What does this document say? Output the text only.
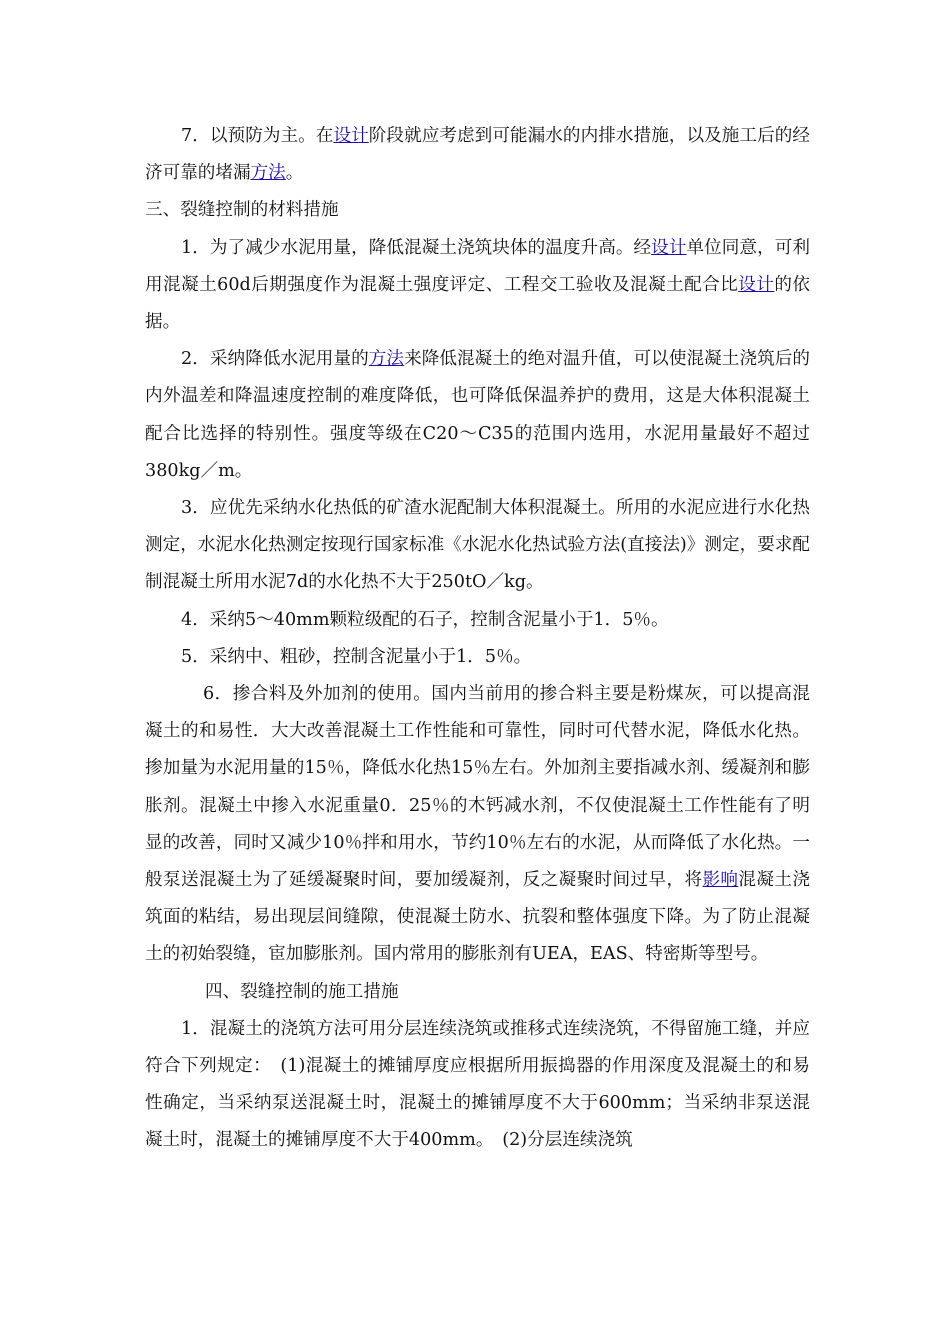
7．以预防为主。在设计阶段就应考虑到可能漏水的内排水措施，以及施工后的经济可靠的堵漏方法。

三、裂缝控制的材料措施

1．为了减少水泥用量，降低混凝土浇筑块体的温度升高。经设计单位同意，可利用混凝土60d后期强度作为混凝土强度评定、工程交工验收及混凝土配合比设计的依据。

2．采纳降低水泥用量的方法来降低混凝土的绝对温升值，可以使混凝土浇筑后的内外温差和降温速度控制的难度降低，也可降低保温养护的费用，这是大体积混凝土配合比选择的特别性。强度等级在C20～C35的范围内选用，水泥用量最好不超过380kg／m。

3．应优先采纳水化热低的矿渣水泥配制大体积混凝土。所用的水泥应进行水化热测定，水泥水化热测定按现行国家标准《水泥水化热试验方法(直接法)》测定，要求配制混凝土所用水泥7d的水化热不大于250tO／kg。

4．采纳5～40mm颗粒级配的石子，控制含泥量小于1．5％。

5．采纳中、粗砂，控制含泥量小于1．5％。

6．掺合料及外加剂的使用。国内当前用的掺合料主要是粉煤灰，可以提高混凝土的和易性．大大改善混凝土工作性能和可靠性，同时可代替水泥，降低水化热。掺加量为水泥用量的15％，降低水化热15％左右。外加剂主要指减水剂、缓凝剂和膨胀剂。混凝土中掺入水泥重量0．25％的木钙减水剂，不仅使混凝土工作性能有了明显的改善，同时又减少10％拌和用水，节约10％左右的水泥，从而降低了水化热。一般泵送混凝土为了延缓凝聚时间，要加缓凝剂，反之凝聚时间过早，将影响混凝土浇筑面的粘结，易出现层间缝隙，使混凝土防水、抗裂和整体强度下降。为了防止混凝土的初始裂缝，宦加膨胀剂。国内常用的膨胀剂有UEA，EAS、特密斯等型号。

四、裂缝控制的施工措施

1．混凝土的浇筑方法可用分层连续浇筑或推移式连续浇筑，不得留施工缝，并应符合下列规定：　(1)混凝土的摊铺厚度应根据所用振捣器的作用深度及混凝土的和易性确定，当采纳泵送混凝土时，混凝土的摊铺厚度不大于600mm；当采纳非泵送混凝土时，混凝土的摊铺厚度不大于400mm。　(2)分层连续浇筑
